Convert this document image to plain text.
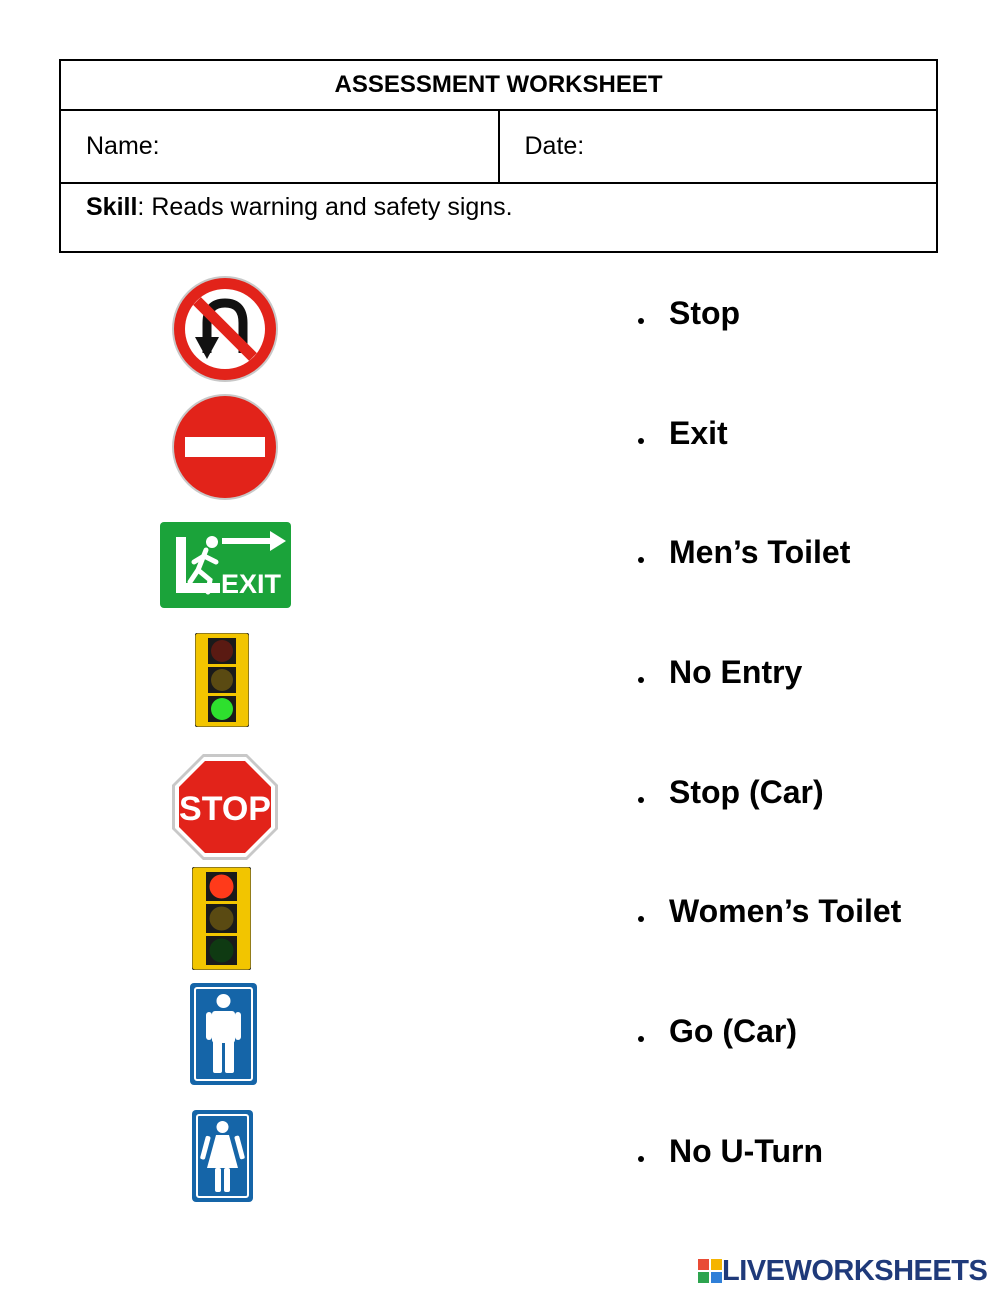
ASSESSMENT WORKSHEET
Name:	Date:
Skill: Reads warning and safety signs.
EXIT
STOP
Stop
Exit
Men’s Toilet
No Entry
Stop (Car)
Women’s Toilet
Go (Car)
No U-Turn
LIVEWORKSHEETS
